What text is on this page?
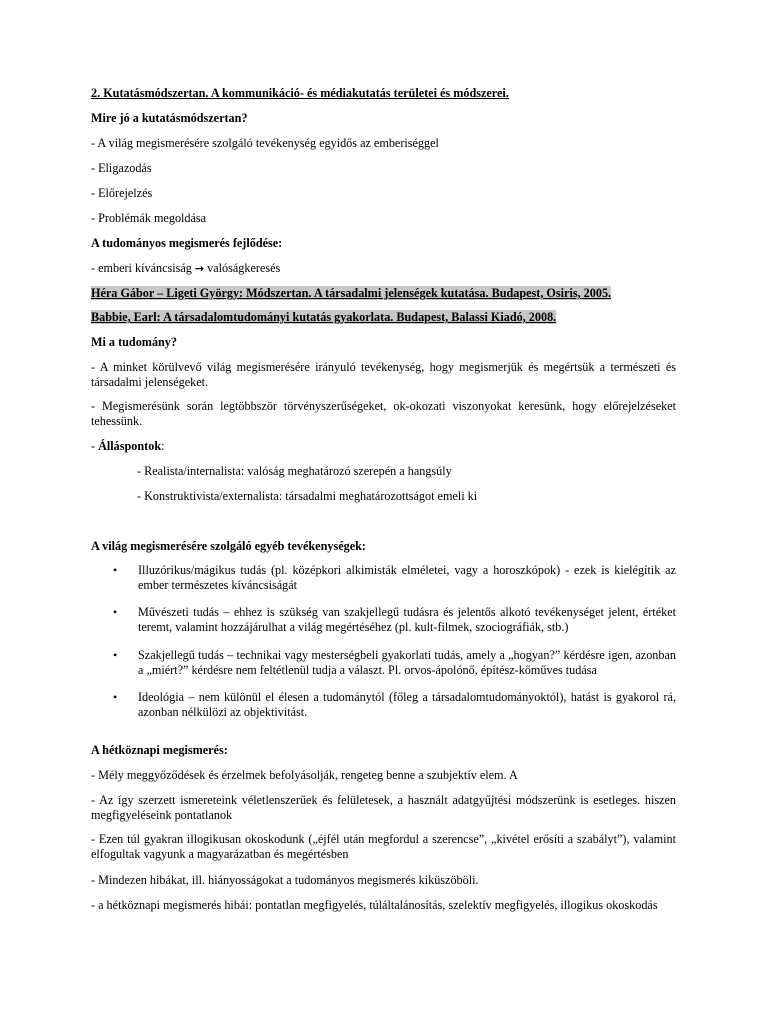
2. Kutatásmódszertan. A kommunikáció- és médiakutatás területei és módszerei.

Mire jó a kutatásmódszertan?

- A világ megismerésére szolgáló tevékenység egyidős az emberiséggel

- Eligazodás

- Előrejelzés

- Problémák megoldása

A tudományos megismerés fejlődése:

- emberi kíváncsiság → valóságkeresés

Héra Gábor – Ligeti György: Módszertan. A társadalmi jelenségek kutatása. Budapest, Osiris, 2005.

Babbie, Earl: A társadalomtudományi kutatás gyakorlata. Budapest, Balassi Kiadó, 2008.

Mi a tudomány?

- A minket körülvevő világ megismerésére irányuló tevékenység, hogy megismerjük és megértsük a természeti és társadalmi jelenségeket.

- Megismerésünk során legtöbbször törvényszerűségeket, ok-okozati viszonyokat keresünk, hogy előrejelzéseket tehessünk.

- Álláspontok:

- Realista/internalista: valóság meghatározó szerepén a hangsúly

- Konstruktivista/externalista: társadalmi meghatározottságot emeli ki

A világ megismerésére szolgáló egyéb tevékenységek:

• Illuzórikus/mágikus tudás (pl. középkori alkimisták elméletei, vagy a horoszkópok) - ezek is kielégítik az ember természetes kíváncsiságát

• Művészeti tudás – ehhez is szükség van szakjellegű tudásra és jelentős alkotó tevékenységet jelent, értéket teremt, valamint hozzájárulhat a világ megértéséhez (pl. kult-filmek, szociográfiák, stb.)

• Szakjellegű tudás – technikai vagy mesterségbeli gyakorlati tudás, amely a „hogyan?” kérdésre igen, azonban a „miért?” kérdésre nem feltétlenül tudja a választ. Pl. orvos-ápolónő, építész-kőműves tudása

• Ideológia – nem különül el élesen a tudománytól (főleg a társadalomtudományoktól), hatást is gyakorol rá, azonban nélkülözi az objektivitást.

A hétköznapi megismerés:

- Mély meggyőződések és érzelmek befolyásolják, rengeteg benne a szubjektív elem. A

- Az így szerzett ismereteink véletlenszerűek és felületesek, a használt adatgyűjtési módszerünk is esetleges. hiszen megfigyeléseink pontatlanok

- Ezen túl gyakran illogikusan okoskodunk („éjfél után megfordul a szerencse”, „kivétel erősíti a szabályt”), valamint elfogultak vagyunk a magyarázatban és megértésben

- Mindezen hibákat, ill. hiányosságokat a tudományos megismerés kiküszöböli.

- a hétköznapi megismerés hibái: pontatlan megfigyelés, túláltalánosítás, szelektív megfigyelés, illogikus okoskodás
